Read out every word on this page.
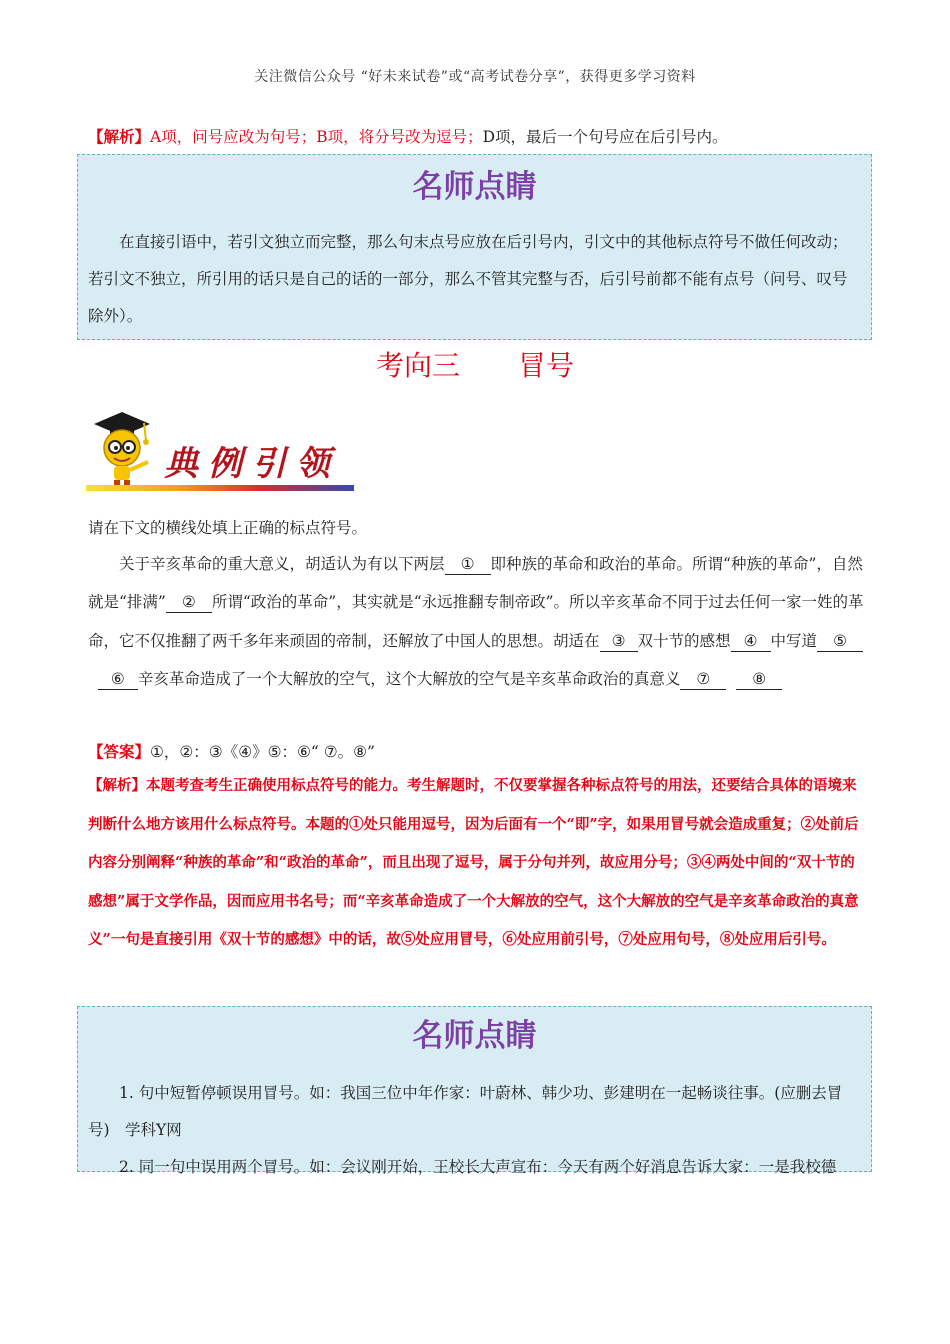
关注微信公众号 “好未来试卷”或“高考试卷分享”，获得更多学习资料
【解析】A项，问号应改为句号；B项，将分号改为逗号；D项，最后一个句号应在后引号内。
名师点睛
在直接引语中，若引文独立而完整，那么句末点号应放在后引号内，引文中的其他标点符号不做任何改动；若引文不独立，所引用的话只是自己的话的一部分，那么不管其完整与否，后引号前都不能有点号（问号、叹号除外）。
考向三 冒号
典例引领
请在下文的横线处填上正确的标点符号。
关于辛亥革命的重大意义，胡适认为有以下两层 ① 即种族的革命和政治的革命。所谓“种族的革命”，自然就是“排满” ② 所谓“政治的革命”，其实就是“永远推翻专制帝政”。所以辛亥革命不同于过去任何一家一姓的革命，它不仅推翻了两千多年来顽固的帝制，还解放了中国人的思想。胡适在 ③ 双十节的感想 ④ 中写道 ⑤  ⑥ 辛亥革命造成了一个大解放的空气，这个大解放的空气是辛亥革命政治的真意义 ⑦	⑧
【答案】①，②：③《④》⑤：⑥“ ⑦。⑧”
【解析】本题考查考生正确使用标点符号的能力。考生解题时，不仅要掌握各种标点符号的用法，还要结合具体的语境来判断什么地方该用什么标点符号。本题的①处只能用逗号，因为后面有一个“即”字，如果用冒号就会造成重复；②处前后内容分别阐释“种族的革命”和“政治的革命”，而且出现了逗号，属于分句并列，故应用分号；③④两处中间的“双十节的感想”属于文学作品，因而应用书名号；而“辛亥革命造成了一个大解放的空气，这个大解放的空气是辛亥革命政治的真意义”一句是直接引用《双十节的感想》中的话，故⑤处应用冒号，⑥处应用前引号，⑦处应用句号，⑧处应用后引号。
名师点睛
1. 句中短暂停顿误用冒号。如：我国三位中年作家：叶蔚林、韩少功、彭建明在一起畅谈往事。(应删去冒号)　学科Y网
2. 同一句中误用两个冒号。如：会议刚开始，王校长大声宣布：今天有两个好消息告诉大家：一是我校德
